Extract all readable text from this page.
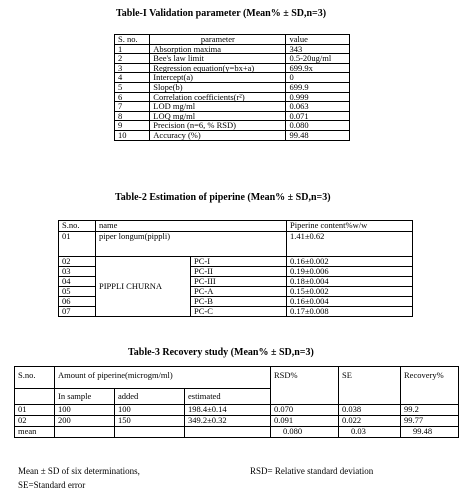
Table-I Validation parameter (Mean% ± SD,n=3)
S. no.	parameter	value
1	Absorption maxima	343
2	Bee's law limit	0.5-20ug/ml
3	Regression equation(y=bx+a)	699.9x
4	Intercept(a)	0
5	Slope(b)	699.9
6	Correlation coefficients(r²)	0.999
7	LOD mg/ml	0.063
8	LOQ mg/ml	0.071
9	Precision (n=6, % RSD)	0.080
10	Accuracy (%)	99.48
Table-2 Estimation of piperine (Mean% ± SD,n=3)
S.no.	name		Piperine content%w/w
01	piper longum(pippli)		1.41±0.62
02	PIPPLI CHURNA	PC-I	0.16±0.002
03		PC-II	0.19±0.006
04		PC-III	0.18±0.004
05		PC-A	0.15±0.002
06		PC-B	0.16±0.004
07		PC-C	0.17±0.008
Table-3 Recovery study (Mean% ± SD,n=3)
S.no.	Amount of piperine(microgm/ml)			RSD%	SE	Recovery%
	In sample	added	estimated			
01	100	100	198.4±0.14	0.070	0.038	99.2
02	200	150	349.2±0.32	0.091	0.022	99.77
mean				0.080	0.03	99.48
Mean ± SD of six determinations,
SE=Standard error
RSD= Relative standard deviation
